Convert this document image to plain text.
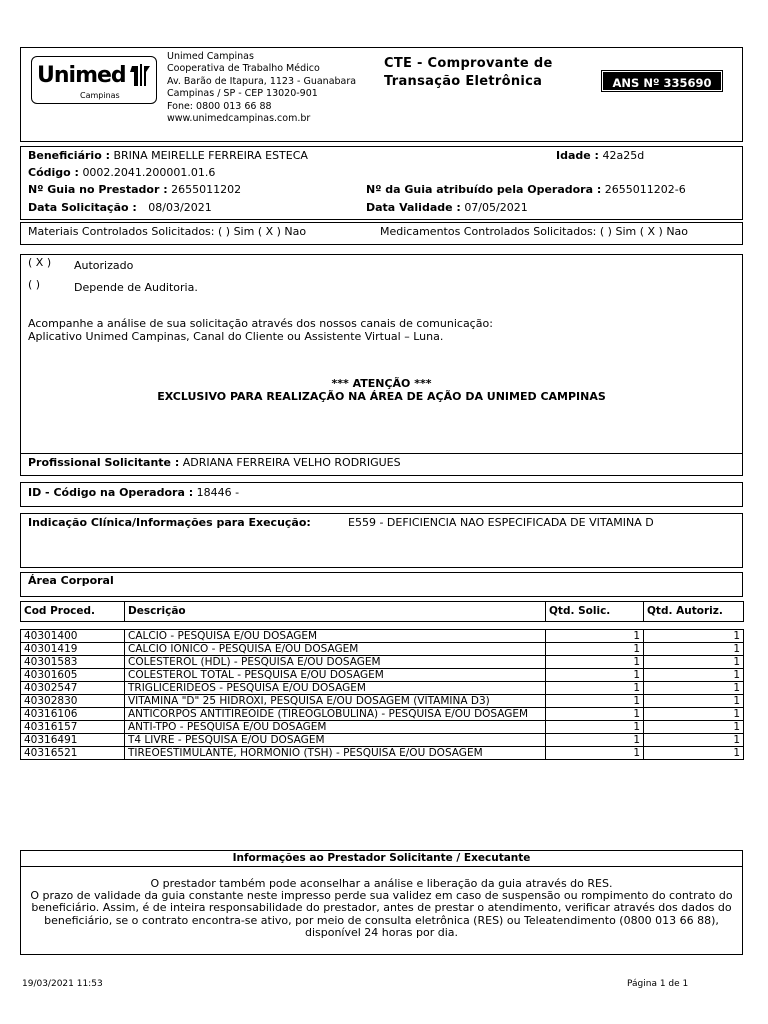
Unimed
Campinas
Unimed Campinas
Cooperativa de Trabalho Médico
Av. Barão de Itapura, 1123 - Guanabara
Campinas / SP - CEP 13020-901
Fone: 0800 013 66 88
www.unimedcampinas.com.br
CTE - Comprovante de
Transação Eletrônica	ANS Nº 335690
Beneficiário : BRINA MEIRELLE FERREIRA ESTECA	Idade : 42a25d
Código : 0002.2041.200001.01.6
Nº Guia no Prestador : 2655011202	Nº da Guia atribuído pela Operadora : 2655011202-6
Data Solicitação : 08/03/2021	Data Validade : 07/05/2021
Materiais Controlados Solicitados: ( ) Sim ( X ) Nao	Medicamentos Controlados Solicitados: ( ) Sim ( X ) Nao
( X ) Autorizado
( )	Depende de Auditoria.
Acompanhe a análise de sua solicitação através dos nossos canais de comunicação:
Aplicativo Unimed Campinas, Canal do Cliente ou Assistente Virtual – Luna.
*** ATENÇÃO ***
EXCLUSIVO PARA REALIZAÇÃO NA ÁREA DE AÇÃO DA UNIMED CAMPINAS
Profissional Solicitante : ADRIANA FERREIRA VELHO RODRIGUES
ID - Código na Operadora : 18446 -
Indicação Clínica/Informações para Execução:	E559 - DEFICIENCIA NAO ESPECIFICADA DE VITAMINA D
Área Corporal
Cod Proced.	Descrição	Qtd. Solic.	Qtd. Autoriz.

40301400	CALCIO - PESQUISA E/OU DOSAGEM	1	1
40301419	CALCIO IONICO - PESQUISA E/OU DOSAGEM	1	1
40301583	COLESTEROL (HDL) - PESQUISA E/OU DOSAGEM	1	1
40301605	COLESTEROL TOTAL - PESQUISA E/OU DOSAGEM	1	1
40302547	TRIGLICERIDEOS - PESQUISA E/OU DOSAGEM	1	1
40302830	VITAMINA "D" 25 HIDROXI, PESQUISA E/OU DOSAGEM (VITAMINA D3)	1	1
40316106	ANTICORPOS ANTITIREOIDE (TIREOGLOBULINA) - PESQUISA E/OU DOSAGEM	1	1
40316157	ANTI-TPO - PESQUISA E/OU DOSAGEM	1	1
40316491	T4 LIVRE - PESQUISA E/OU DOSAGEM	1	1
40316521	TIREOESTIMULANTE, HORMONIO (TSH) - PESQUISA E/OU DOSAGEM	1	1
Informações ao Prestador Solicitante / Executante
O prestador também pode aconselhar a análise e liberação da guia através do RES.
O prazo de validade da guia constante neste impresso perde sua validez em caso de suspensão ou rompimento do contrato do beneficiário. Assim, é de inteira responsabilidade do prestador, antes de prestar o atendimento, verificar através dos dados do beneficiário, se o contrato encontra-se ativo, por meio de consulta eletrônica (RES) ou Teleatendimento (0800 013 66 88), disponível 24 horas por dia.
19/03/2021 11:53	Página 1 de 1
